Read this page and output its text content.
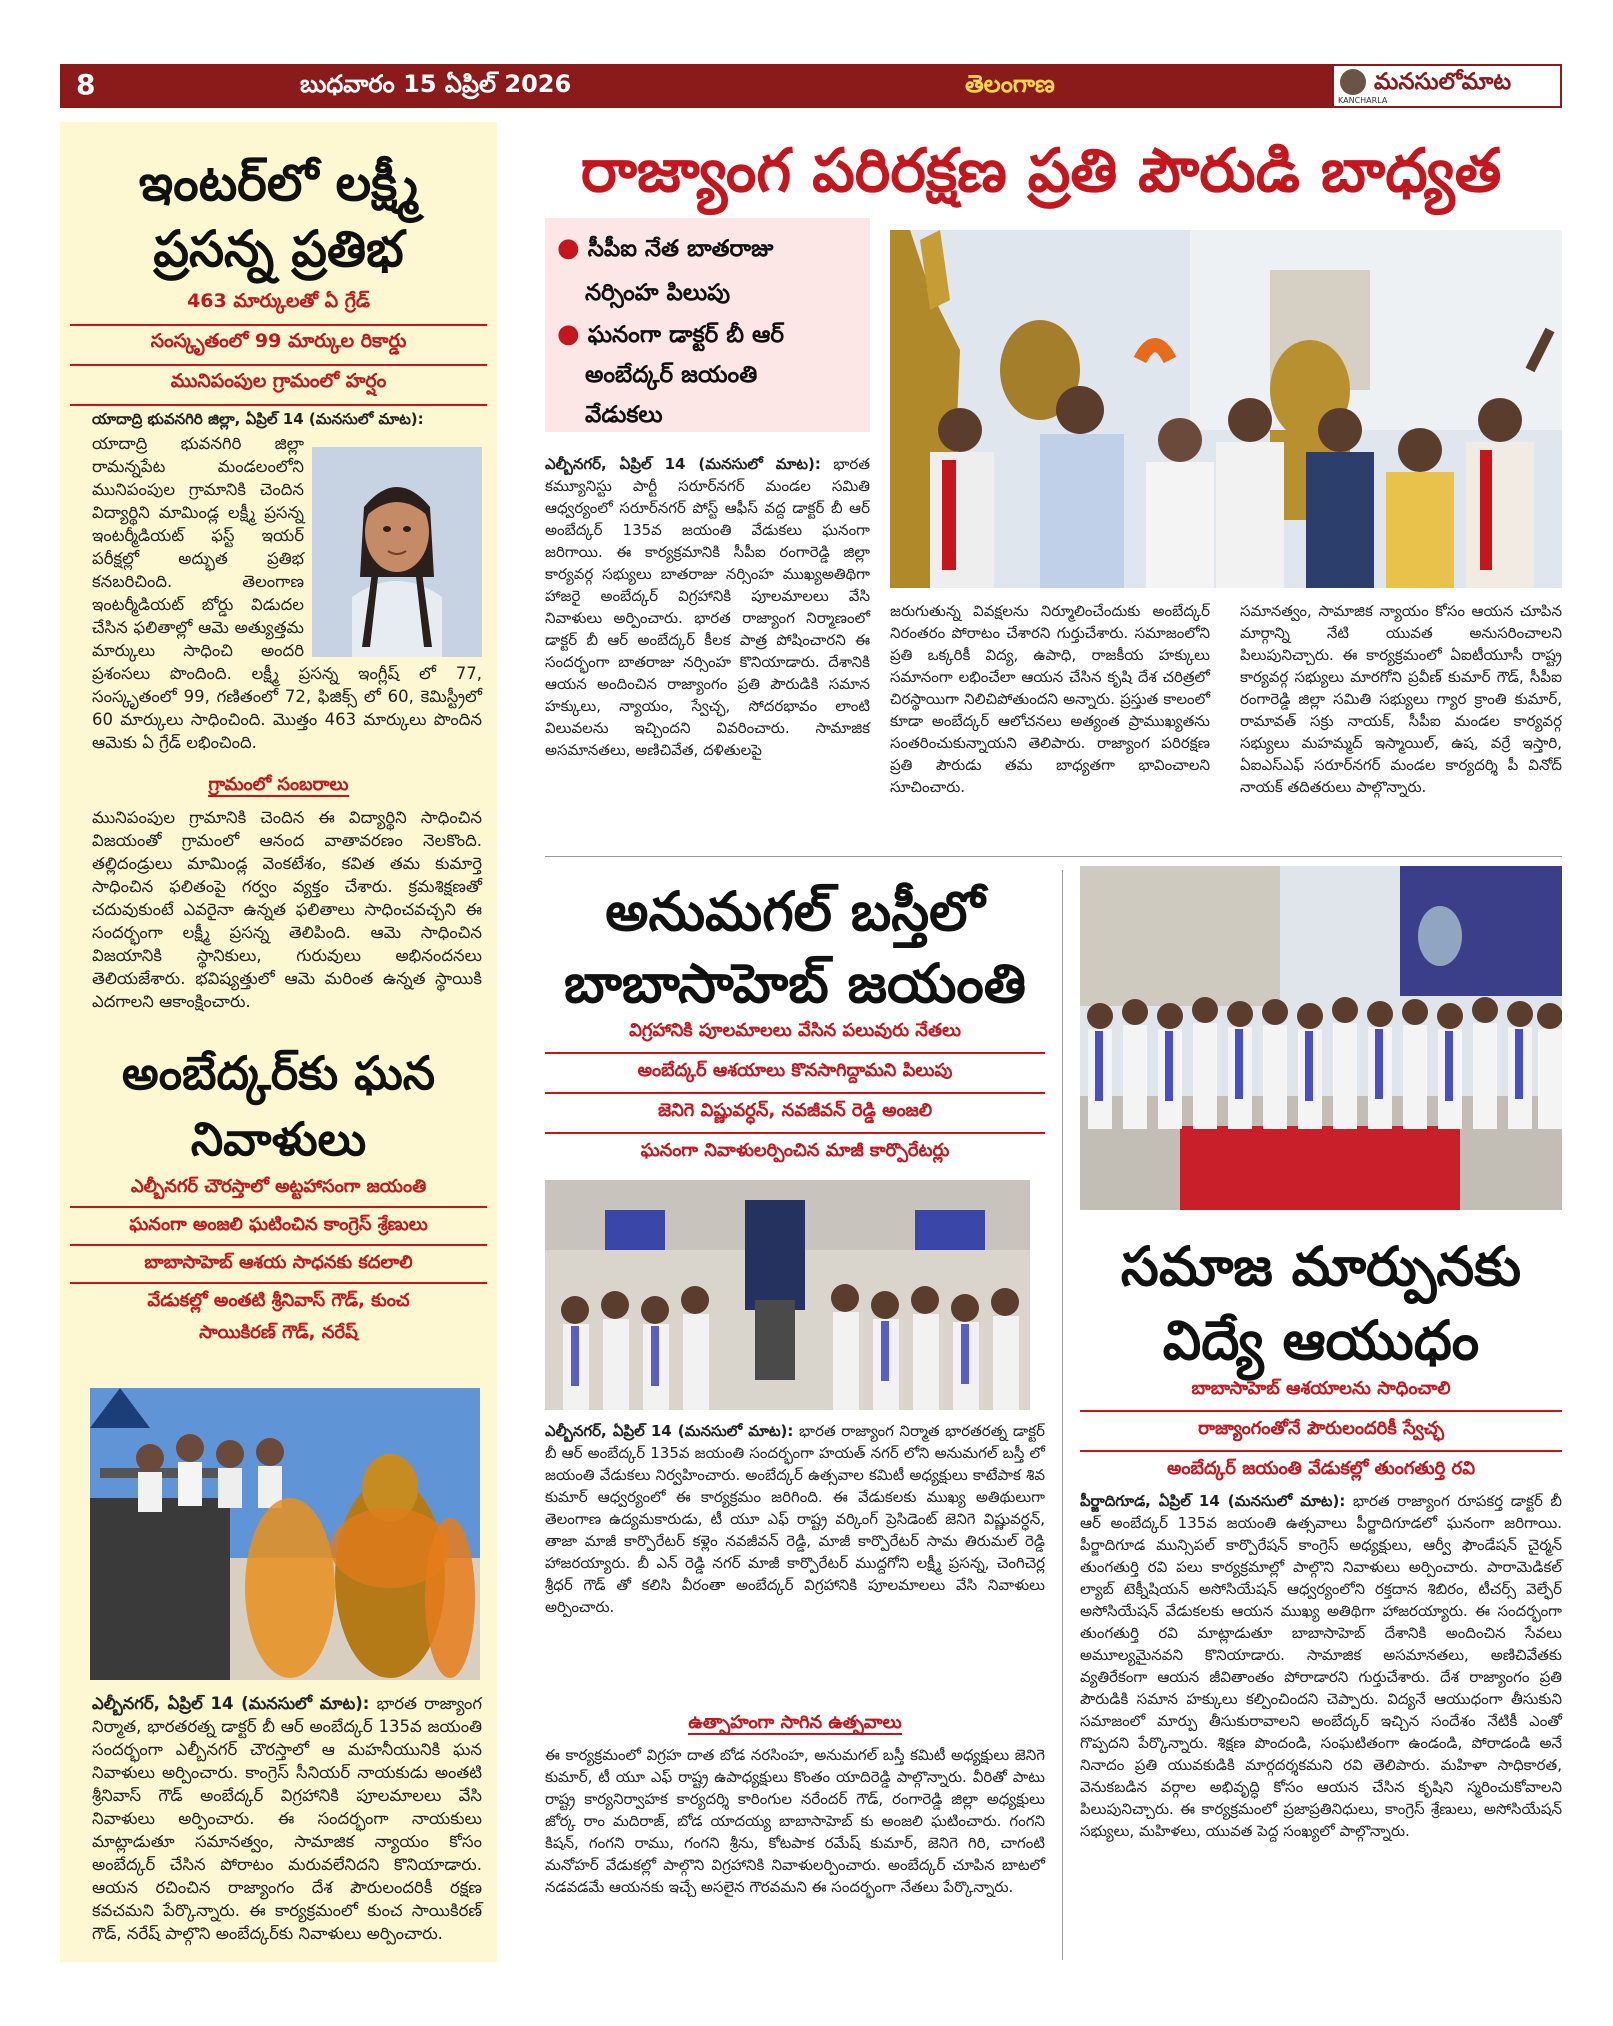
8	బుధవారం 15 ఏప్రిల్ 2026	తెలంగాణ	మనసులోమాట
KANCHARLA
ఇంటర్‌లో లక్ష్మీ
ప్రసన్న ప్రతిభ
463 మార్కులతో ఏ గ్రేడ్
సంస్కృతంలో 99 మార్కుల రికార్డు
మునిపంపుల గ్రామంలో హర్షం
యాదాద్రి భువనగిరి జిల్లా, ఏప్రిల్ 14 (మనసులో మాట):
యాదాద్రి భువనగిరి జిల్లా రామన్నపేట మండలంలోని మునిపంపుల గ్రామానికి చెందిన విద్యార్థిని మామిండ్ల లక్ష్మీ ప్రసన్న ఇంటర్మీడియట్ ఫస్ట్ ఇయర్ పరీక్షల్లో అద్భుత ప్రతిభ కనబరిచింది. తెలంగాణ ఇంటర్మీడియట్ బోర్డు విడుదల చేసిన ఫలితాల్లో ఆమె అత్యుత్తమ మార్కులు సాధించి అందరి ప్రశంసలు పొందింది. లక్ష్మీ ప్రసన్న ఇంగ్లీష్ లో 77, సంస్కృతంలో 99, గణితంలో 72, ఫిజిక్స్ లో 60, కెమిస్ట్రీలో 60 మార్కులు సాధించింది. మొత్తం 463 మార్కులు పొందిన ఆమెకు ఏ గ్రేడ్ లభించింది.
గ్రామంలో సంబరాలు
మునిపంపుల గ్రామానికి చెందిన ఈ విద్యార్థిని సాధించిన విజయంతో గ్రామంలో ఆనంద వాతావరణం నెలకొంది. తల్లిదండ్రులు మామిండ్ల వెంకటేశం, కవిత తమ కుమార్తె సాధించిన ఫలితంపై గర్వం వ్యక్తం చేశారు. క్రమశిక్షణతో చదువుకుంటే ఎవరైనా ఉన్నత ఫలితాలు సాధించవచ్చని ఈ సందర్భంగా లక్ష్మీ ప్రసన్న తెలిపింది. ఆమె సాధించిన విజయానికి స్థానికులు, గురువులు అభినందనలు తెలియజేశారు. భవిష్యత్తులో ఆమె మరింత ఉన్నత స్థాయికి ఎదగాలని ఆకాంక్షించారు.
అంబేద్కర్‌కు ఘన
నివాళులు
ఎల్బీనగర్ చౌరస్తాలో అట్టహాసంగా జయంతి
ఘనంగా అంజలి ఘటించిన కాంగ్రెస్ శ్రేణులు
బాబాసాహెబ్ ఆశయ సాధనకు కదలాలి
వేడుకల్లో అంతటి శ్రీనివాస్ గౌడ్, కుంచ
సాయికిరణ్ గౌడ్, నరేష్
ఎల్బీనగర్, ఏప్రిల్ 14 (మనసులో మాట): భారత రాజ్యాంగ నిర్మాత, భారతరత్న డాక్టర్ బీ ఆర్ అంబేద్కర్ 135వ జయంతి సందర్భంగా ఎల్బీనగర్ చౌరస్తాలో ఆ మహనీయునికి ఘన నివాళులు అర్పించారు. కాంగ్రెస్ సీనియర్ నాయకుడు అంతటి శ్రీనివాస్ గౌడ్ అంబేద్కర్ విగ్రహానికి పూలమాలలు వేసి నివాళులు అర్పించారు. ఈ సందర్భంగా నాయకులు మాట్లాడుతూ సమానత్వం, సామాజిక న్యాయం కోసం అంబేద్కర్ చేసిన పోరాటం మరువలేనిదని కొనియాడారు. ఆయన రచించిన రాజ్యాంగం దేశ పౌరులందరికీ రక్షణ కవచమని పేర్కొన్నారు. ఈ కార్యక్రమంలో కుంచ సాయికిరణ్ గౌడ్, నరేష్ పాల్గొని అంబేద్కర్‌కు నివాళులు అర్పించారు.
రాజ్యాంగ పరిరక్షణ ప్రతి పౌరుడి బాధ్యత
● సీపీఐ నేత బాతరాజు
నర్సింహ పిలుపు
● ఘనంగా డాక్టర్ బీ ఆర్
అంబేద్కర్ జయంతి
వేడుకలు
ఎల్బీనగర్, ఏప్రిల్ 14 (మనసులో మాట): భారత కమ్యూనిస్టు పార్టీ సరూర్‌నగర్ మండల సమితి ఆధ్వర్యంలో సరూర్‌నగర్ పోస్ట్ ఆఫీస్ వద్ద డాక్టర్ బీ ఆర్ అంబేద్కర్ 135వ జయంతి వేడుకలు ఘనంగా జరిగాయి. ఈ కార్యక్రమానికి సీపీఐ రంగారెడ్డి జిల్లా కార్యవర్గ సభ్యులు బాతరాజు నర్సింహ ముఖ్యఅతిథిగా హాజరై అంబేద్కర్ విగ్రహానికి పూలమాలలు వేసి నివాళులు అర్పించారు. భారత రాజ్యాంగ నిర్మాణంలో డాక్టర్ బీ ఆర్ అంబేద్కర్ కీలక పాత్ర పోషించారని ఈ సందర్భంగా బాతరాజు నర్సింహ కొనియాడారు. దేశానికి ఆయన అందించిన రాజ్యాంగం ప్రతి పౌరుడికి సమాన హక్కులు, న్యాయం, స్వేచ్ఛ, సోదరభావం లాంటి విలువలను ఇచ్చిందని వివరించారు. సామాజిక అసమానతలు, అణిచివేత, దళితులపై
జరుగుతున్న వివక్షలను నిర్మూలించేందుకు అంబేద్కర్ నిరంతరం పోరాటం చేశారని గుర్తుచేశారు. సమాజంలోని ప్రతి ఒక్కరికీ విద్య, ఉపాధి, రాజకీయ హక్కులు సమానంగా లభించేలా ఆయన చేసిన కృషి దేశ చరిత్రలో చిరస్థాయిగా నిలిచిపోతుందని అన్నారు. ప్రస్తుత కాలంలో కూడా అంబేద్కర్ ఆలోచనలు అత్యంత ప్రాముఖ్యతను సంతరించుకున్నాయని తెలిపారు. రాజ్యాంగ పరిరక్షణ ప్రతి పౌరుడు తమ బాధ్యతగా భావించాలని సూచించారు.
సమానత్వం, సామాజిక న్యాయం కోసం ఆయన చూపిన మార్గాన్ని నేటి యువత అనుసరించాలని పిలుపునిచ్చారు. ఈ కార్యక్రమంలో ఏఐటీయూసీ రాష్ట్ర కార్యవర్గ సభ్యులు మారగోని ప్రవీణ్ కుమార్ గౌడ్, సీపీఐ రంగారెడ్డి జిల్లా సమితి సభ్యులు గ్యార క్రాంతి కుమార్, రామావత్ సక్రు నాయక్, సీపీఐ మండల కార్యవర్గ సభ్యులు మహమ్మద్ ఇస్మాయిల్, ఉష, వర్రే ఇస్తారి, ఏఐఎస్ఎఫ్ సరూర్‌నగర్ మండల కార్యదర్శి పీ వినోద్ నాయక్ తదితరులు పాల్గొన్నారు.
అనుమగల్ బస్తీలో
బాబాసాహెబ్ జయంతి
విగ్రహానికి పూలమాలలు వేసిన పలువురు నేతలు
అంబేద్కర్ ఆశయాలు కొనసాగిద్దామని పిలుపు
జెనిగె విష్ణువర్ధన్, నవజీవన్ రెడ్డి అంజలి
ఘనంగా నివాళులర్పించిన మాజీ కార్పొరేటర్లు
ఎల్బీనగర్, ఏప్రిల్ 14 (మనసులో మాట): భారత రాజ్యాంగ నిర్మాత భారతరత్న డాక్టర్ బీ ఆర్ అంబేద్కర్ 135వ జయంతి సందర్భంగా హయత్ నగర్ లోని అనుమగల్ బస్తీ లో జయంతి వేడుకలు నిర్వహించారు. అంబేద్కర్ ఉత్సవాల కమిటీ అధ్యక్షులు కాటేపాక శివ కుమార్ ఆధ్వర్యంలో ఈ కార్యక్రమం జరిగింది. ఈ వేడుకలకు ముఖ్య అతిథులుగా తెలంగాణ ఉద్యమకారుడు, టీ యూ ఎఫ్ రాష్ట్ర వర్కింగ్ ప్రెసిడెంట్ జెనిగె విష్ణువర్ధన్, తాజా మాజీ కార్పొరేటర్ కళ్లెం నవజీవన్ రెడ్డి, మాజీ కార్పొరేటర్ సామ తిరుమల్ రెడ్డి హాజరయ్యారు. బీ ఎన్ రెడ్డి నగర్ మాజీ కార్పొరేటర్ ముద్దగోని లక్ష్మీ ప్రసన్న, చెంగిచెర్ల శ్రీధర్ గౌడ్ తో కలిసి వీరంతా అంబేద్కర్ విగ్రహానికి పూలమాలలు వేసి నివాళులు అర్పించారు.
ఉత్సాహంగా సాగిన ఉత్సవాలు
ఈ కార్యక్రమంలో విగ్రహ దాత బోడ నరసింహ, అనుమగల్ బస్తీ కమిటీ అధ్యక్షులు జెనిగె కుమార్, టీ యూ ఎఫ్ రాష్ట్ర ఉపాధ్యక్షులు కొంతం యాదిరెడ్డి పాల్గొన్నారు. వీరితో పాటు రాష్ట్ర కార్యనిర్వాహక కార్యదర్శి కారింగుల నరేందర్ గౌడ్, రంగారెడ్డి జిల్లా అధ్యక్షులు జోర్క రాం మదిరాజ్, బోడ యాదయ్య బాబాసాహెబ్ కు అంజలి ఘటించారు. గంగని కిషన్, గంగని రాము, గంగని శ్రీను, కోటపాక రమేష్ కుమార్, జెనిగె గిరి, చాగంటి మనోహర్ వేడుకల్లో పాల్గొని విగ్రహానికి నివాళులర్పించారు. అంబేద్కర్ చూపిన బాటలో నడవడమే ఆయనకు ఇచ్చే అసలైన గౌరవమని ఈ సందర్భంగా నేతలు పేర్కొన్నారు.
సమాజ మార్పునకు
విద్యే ఆయుధం
బాబాసాహెబ్ ఆశయాలను సాధించాలి
రాజ్యాంగంతోనే పౌరులందరికీ స్వేచ్ఛ
అంబేద్కర్ జయంతి వేడుకల్లో తుంగతుర్తి రవి
పీర్జాదిగూడ, ఏప్రిల్ 14 (మనసులో మాట): భారత రాజ్యాంగ రూపకర్త డాక్టర్ బీ ఆర్ అంబేద్కర్ 135వ జయంతి ఉత్సవాలు పీర్జాదిగూడలో ఘనంగా జరిగాయి. పీర్జాదిగూడ మున్సిపల్ కార్పొరేషన్ కాంగ్రెస్ అధ్యక్షులు, ఆర్వీ ఫౌండేషన్ చైర్మన్ తుంగతుర్తి రవి పలు కార్యక్రమాల్లో పాల్గొని నివాళులు అర్పించారు. పారామెడికల్ ల్యాబ్ టెక్నీషియన్ అసోసియేషన్ ఆధ్వర్యంలోని రక్తదాన శిబిరం, టీచర్స్ వెల్ఫేర్ అసోసియేషన్ వేడుకలకు ఆయన ముఖ్య అతిథిగా హాజరయ్యారు. ఈ సందర్భంగా తుంగతుర్తి రవి మాట్లాడుతూ బాబాసాహెబ్ దేశానికి అందించిన సేవలు అమూల్యమైనవని కొనియాడారు. సామాజిక అసమానతలు, అణిచివేతకు వ్యతిరేకంగా ఆయన జీవితాంతం పోరాడారని గుర్తుచేశారు. దేశ రాజ్యాంగం ప్రతి పౌరుడికి సమాన హక్కులు కల్పించిందని చెప్పారు. విద్యనే ఆయుధంగా తీసుకుని సమాజంలో మార్పు తీసుకురావాలని అంబేద్కర్ ఇచ్చిన సందేశం నేటికీ ఎంతో గొప్పదని పేర్కొన్నారు. శిక్షణ పొందండి, సంఘటితంగా ఉండండి, పోరాడండి అనే నినాదం ప్రతి యువకుడికి మార్గదర్శకమని రవి తెలిపారు. మహిళా సాధికారత, వెనుకబడిన వర్గాల అభివృద్ధి కోసం ఆయన చేసిన కృషిని స్మరించుకోవాలని పిలుపునిచ్చారు. ఈ కార్యక్రమంలో ప్రజాప్రతినిధులు, కాంగ్రెస్ శ్రేణులు, అసోసియేషన్ సభ్యులు, మహిళలు, యువత పెద్ద సంఖ్యలో పాల్గొన్నారు.
